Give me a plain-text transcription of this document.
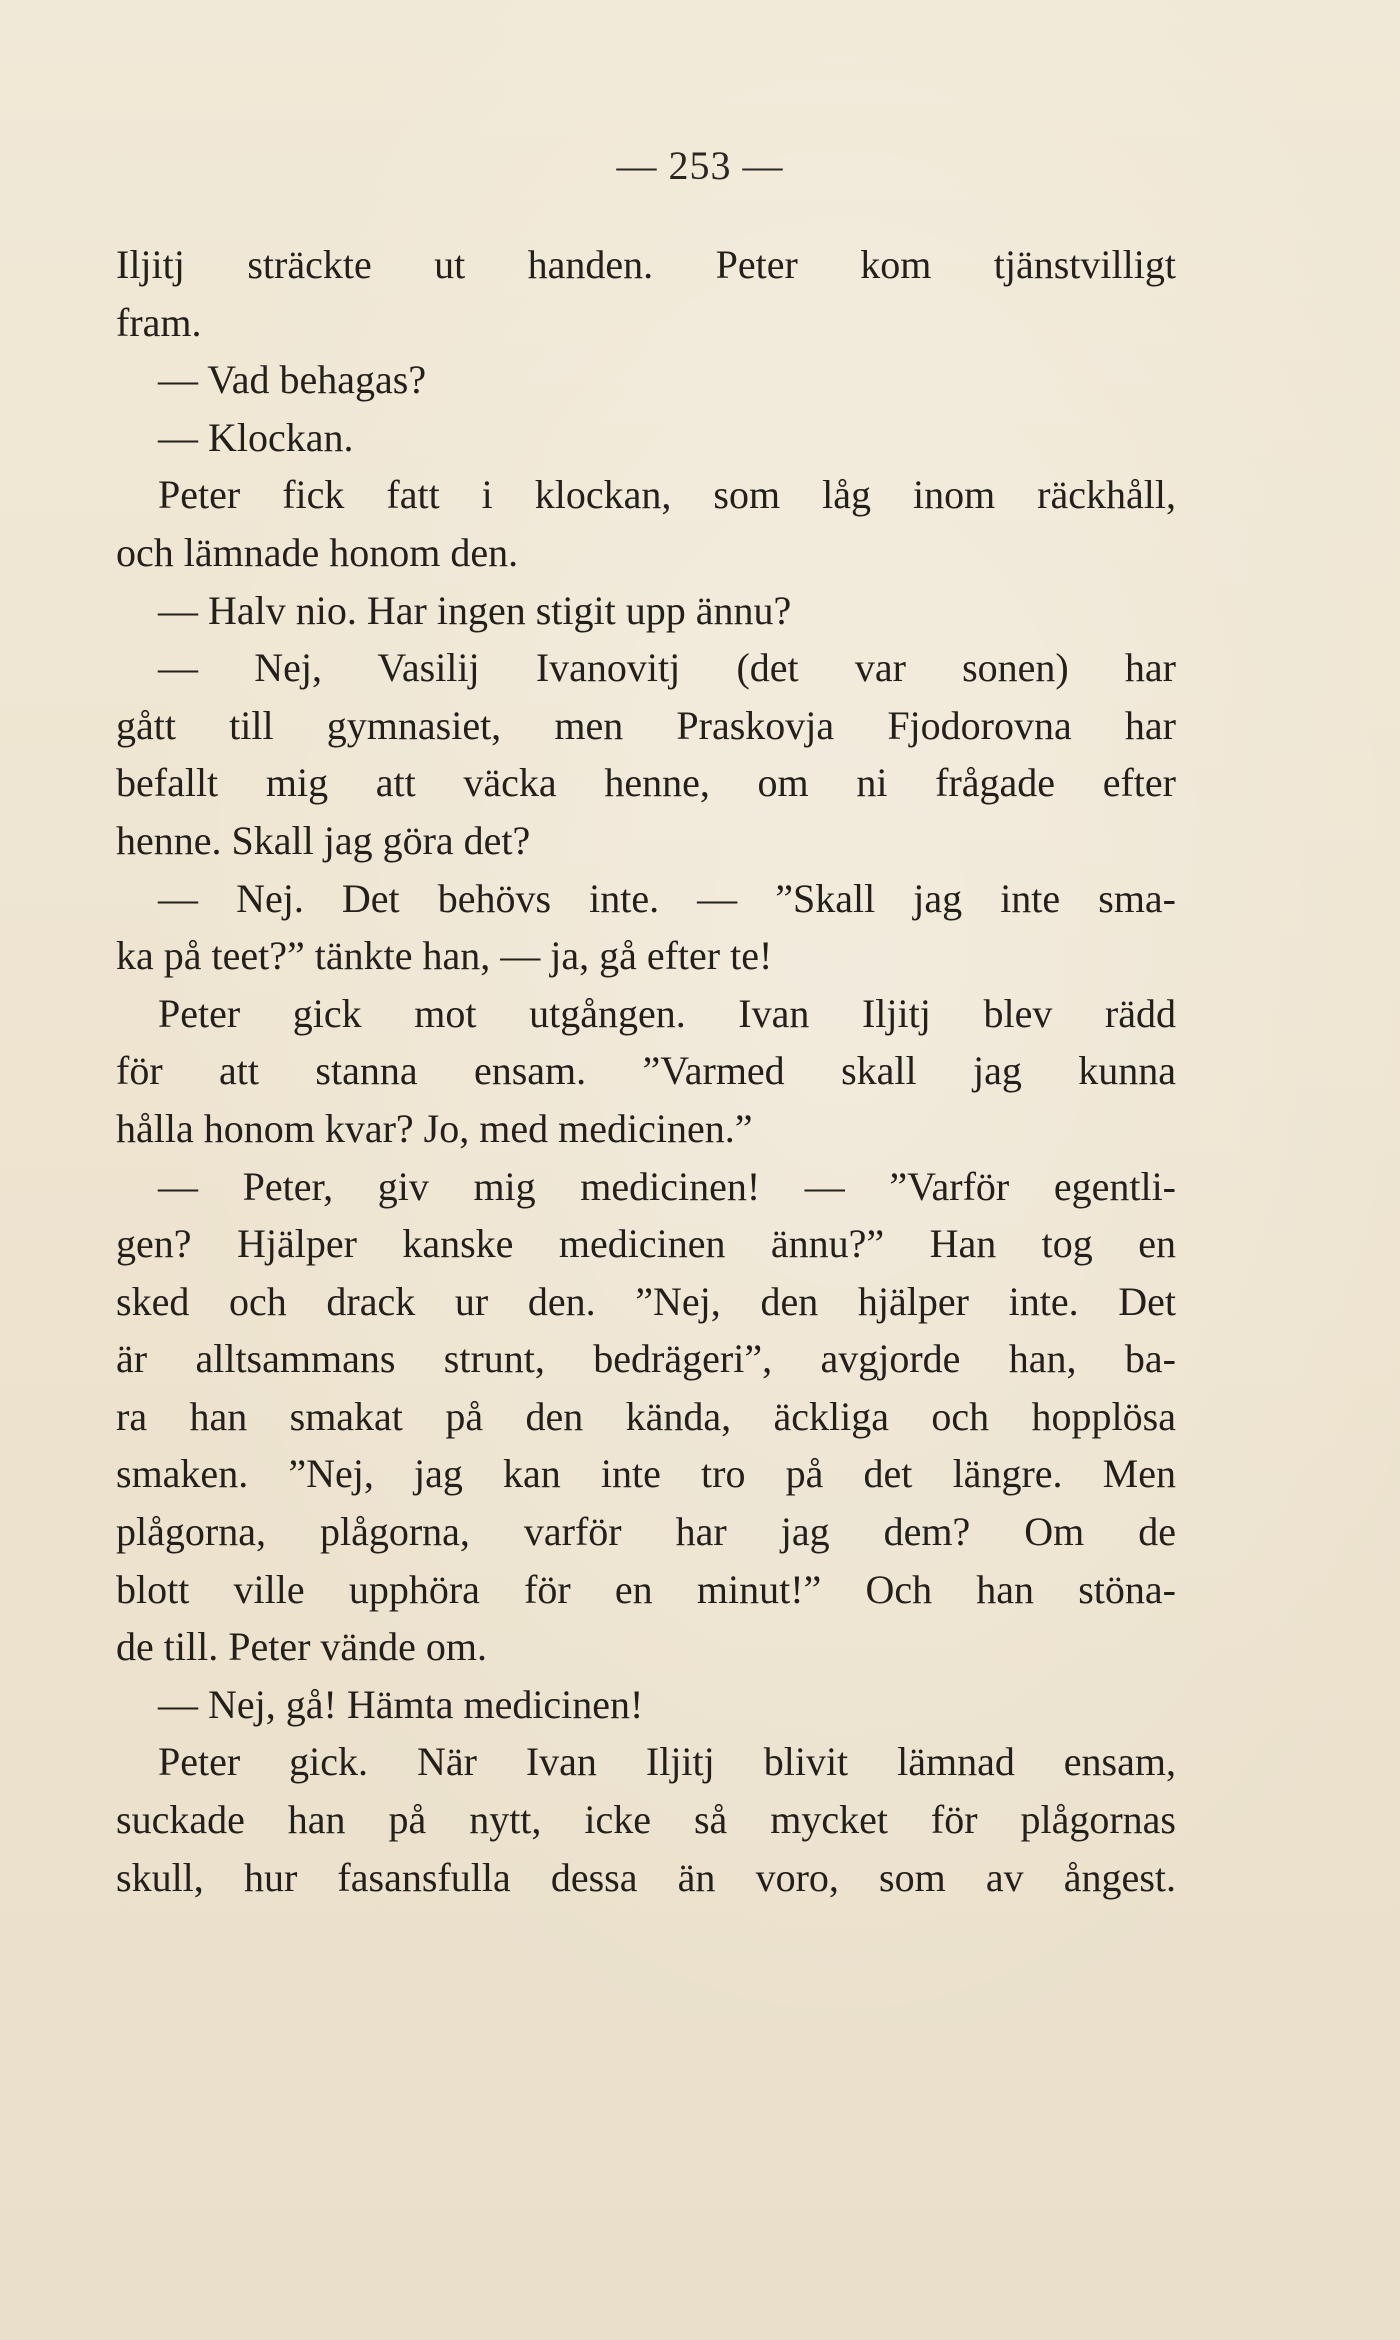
— 253 —
Iljitj sträckte ut handen. Peter kom tjänstvilligt
fram.
— Vad behagas?
— Klockan.
Peter fick fatt i klockan, som låg inom räckhåll,
och lämnade honom den.
— Halv nio. Har ingen stigit upp ännu?
— Nej, Vasilij Ivanovitj (det var sonen) har
gått till gymnasiet, men Praskovja Fjodorovna har
befallt mig att väcka henne, om ni frågade efter
henne. Skall jag göra det?
— Nej. Det behövs inte. — ”Skall jag inte sma-
ka på teet?” tänkte han, — ja, gå efter te!
Peter gick mot utgången. Ivan Iljitj blev rädd
för att stanna ensam. ”Varmed skall jag kunna
hålla honom kvar? Jo, med medicinen.”
— Peter, giv mig medicinen! — ”Varför egentli-
gen? Hjälper kanske medicinen ännu?” Han tog en
sked och drack ur den. ”Nej, den hjälper inte. Det
är alltsammans strunt, bedrägeri”, avgjorde han, ba-
ra han smakat på den kända, äckliga och hopplösa
smaken. ”Nej, jag kan inte tro på det längre. Men
plågorna, plågorna, varför har jag dem? Om de
blott ville upphöra för en minut!” Och han stöna-
de till. Peter vände om.
— Nej, gå! Hämta medicinen!
Peter gick. När Ivan Iljitj blivit lämnad ensam,
suckade han på nytt, icke så mycket för plågornas
skull, hur fasansfulla dessa än voro, som av ångest.
